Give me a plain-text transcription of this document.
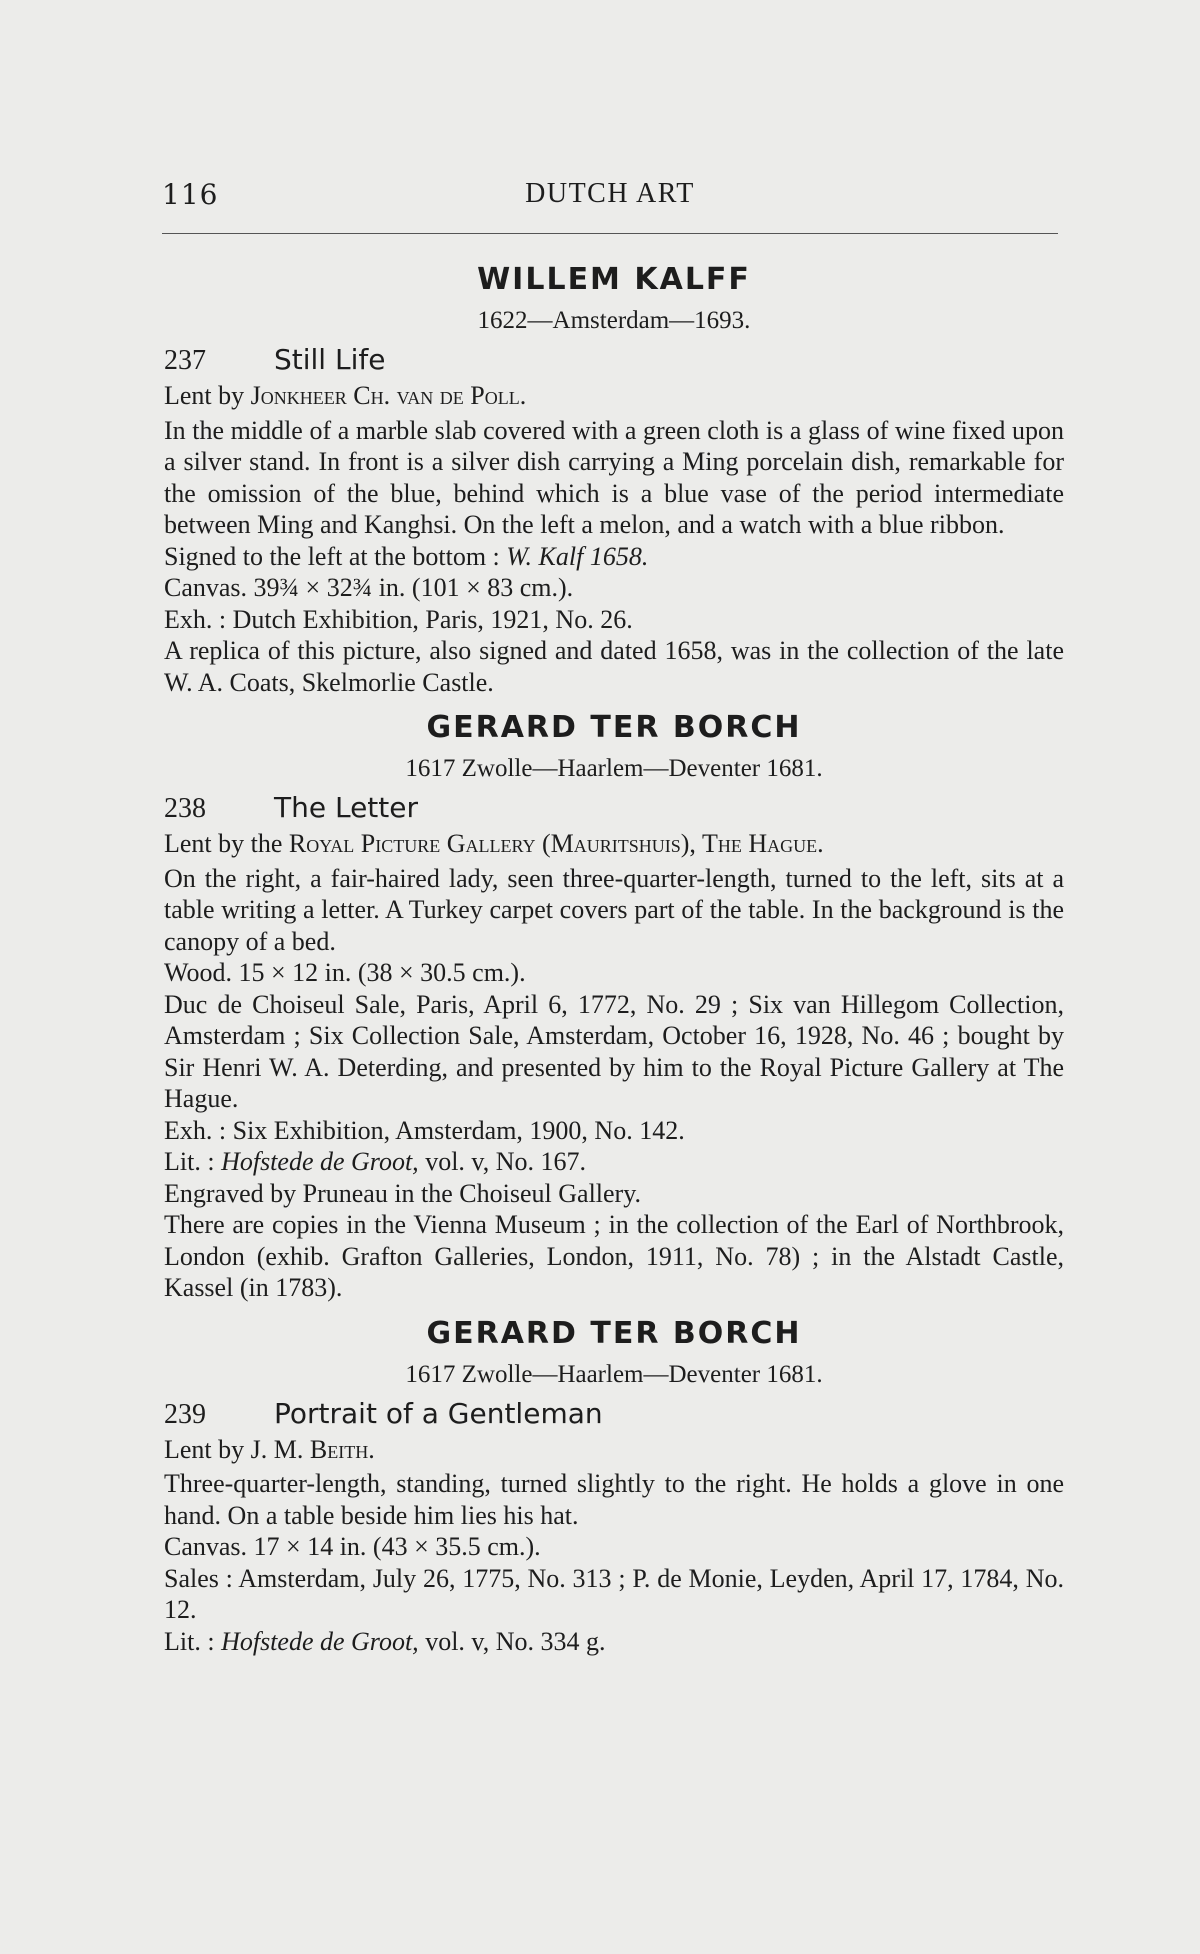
116	DUTCH ART
WILLEM KALFF

1622—Amsterdam—1693.

237 Still Life

Lent by Jonkheer Ch. van de Poll.

In the middle of a marble slab covered with a green cloth is a glass of wine fixed upon a silver stand. In front is a silver dish carrying a Ming porcelain dish, remarkable for the omission of the blue, behind which is a blue vase of the period intermediate between Ming and Kanghsi. On the left a melon, and a watch with a blue ribbon.

Signed to the left at the bottom : W. Kalf 1658.

Canvas. 39¾ × 32¾ in. (101 × 83 cm.).

Exh. : Dutch Exhibition, Paris, 1921, No. 26.

A replica of this picture, also signed and dated 1658, was in the collection of the late W. A. Coats, Skelmorlie Castle.

GERARD TER BORCH

1617 Zwolle—Haarlem—Deventer 1681.

238 The Letter

Lent by the Royal Picture Gallery (Mauritshuis), The Hague.

On the right, a fair-haired lady, seen three-quarter-length, turned to the left, sits at a table writing a letter. A Turkey carpet covers part of the table. In the background is the canopy of a bed.

Wood. 15 × 12 in. (38 × 30.5 cm.).

Duc de Choiseul Sale, Paris, April 6, 1772, No. 29 ; Six van Hillegom Collection, Amsterdam ; Six Collection Sale, Amsterdam, October 16, 1928, No. 46 ; bought by Sir Henri W. A. Deterding, and presented by him to the Royal Picture Gallery at The Hague.

Exh. : Six Exhibition, Amsterdam, 1900, No. 142.

Lit. : Hofstede de Groot, vol. v, No. 167.

Engraved by Pruneau in the Choiseul Gallery.

There are copies in the Vienna Museum ; in the collection of the Earl of Northbrook, London (exhib. Grafton Galleries, London, 1911, No. 78) ; in the Alstadt Castle, Kassel (in 1783).

GERARD TER BORCH

1617 Zwolle—Haarlem—Deventer 1681.

239 Portrait of a Gentleman

Lent by J. M. Beith.

Three-quarter-length, standing, turned slightly to the right. He holds a glove in one hand. On a table beside him lies his hat.

Canvas. 17 × 14 in. (43 × 35.5 cm.).

Sales : Amsterdam, July 26, 1775, No. 313 ; P. de Monie, Leyden, April 17, 1784, No. 12.

Lit. : Hofstede de Groot, vol. v, No. 334 g.
